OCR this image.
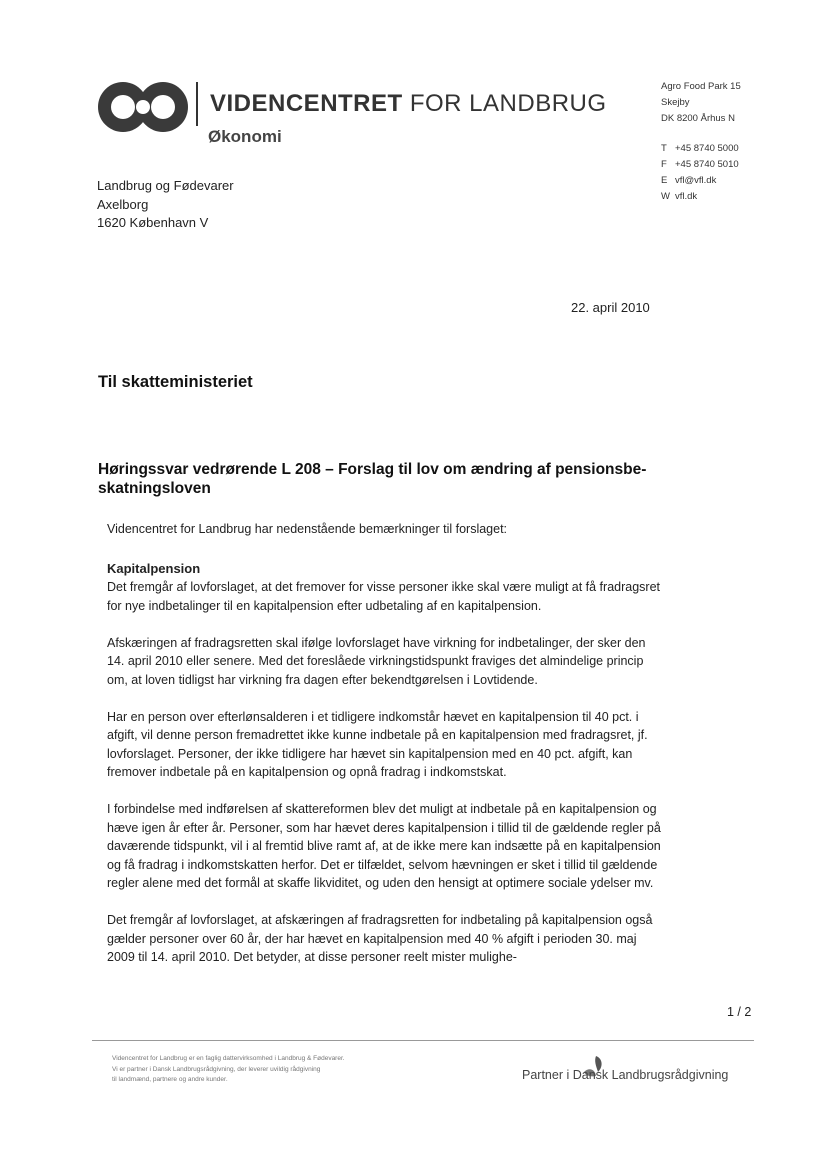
VIDENCENTRET FOR LANDBRUG
Økonomi
Agro Food Park 15
Skejby
DK 8200 Århus N
T +45 8740 5000
F +45 8740 5010
E vfl@vfl.dk
W vfl.dk
Landbrug og Fødevarer
Axelborg
1620 København V
22. april 2010
Til skatteministeriet
Høringssvar vedrørende L 208 – Forslag til lov om ændring af pensionsbe-skatningsloven

Videncentret for Landbrug har nedenstående bemærkninger til forslaget:

Kapitalpension

Det fremgår af lovforslaget, at det fremover for visse personer ikke skal være muligt at få fradragsret for nye indbetalinger til en kapitalpension efter udbetaling af en kapitalpension.

Afskæringen af fradragsretten skal ifølge lovforslaget have virkning for indbetalinger, der sker den 14. april 2010 eller senere. Med det foreslåede virkningstidspunkt fraviges det almindelige princip om, at loven tidligst har virkning fra dagen efter bekendtgørelsen i Lovtidende.

Har en person over efterlønsalderen i et tidligere indkomstår hævet en kapitalpension til 40 pct. i afgift, vil denne person fremadrettet ikke kunne indbetale på en kapitalpension med fradragsret, jf. lovforslaget. Personer, der ikke tidligere har hævet sin kapitalpension med en 40 pct. afgift, kan fremover indbetale på en kapitalpension og opnå fradrag i indkomstskat.

I forbindelse med indførelsen af skattereformen blev det muligt at indbetale på en kapitalpension og hæve igen år efter år. Personer, som har hævet deres kapitalpension i tillid til de gældende regler på daværende tidspunkt, vil i al fremtid blive ramt af, at de ikke mere kan indsætte på en kapitalpension og få fradrag i indkomstskatten herfor. Det er tilfældet, selvom hævningen er sket i tillid til gældende regler alene med det formål at skaffe likviditet, og uden den hensigt at optimere sociale ydelser mv.

Det fremgår af lovforslaget, at afskæringen af fradragsretten for indbetaling på kapitalpension også gælder personer over 60 år, der har hævet en kapitalpension med 40 % afgift i perioden 30. maj 2009 til 14. april 2010. Det betyder, at disse personer reelt mister mulighe-

1 / 2
Videncentret for Landbrug er en faglig dattervirksomhed i Landbrug & Fødevarer.
Vi er partner i Dansk Landbrugsrådgivning, der leverer uvildig rådgivning
til landmænd, partnere og andre kunder.	Partner i Dansk Landbrugsrådgivning
